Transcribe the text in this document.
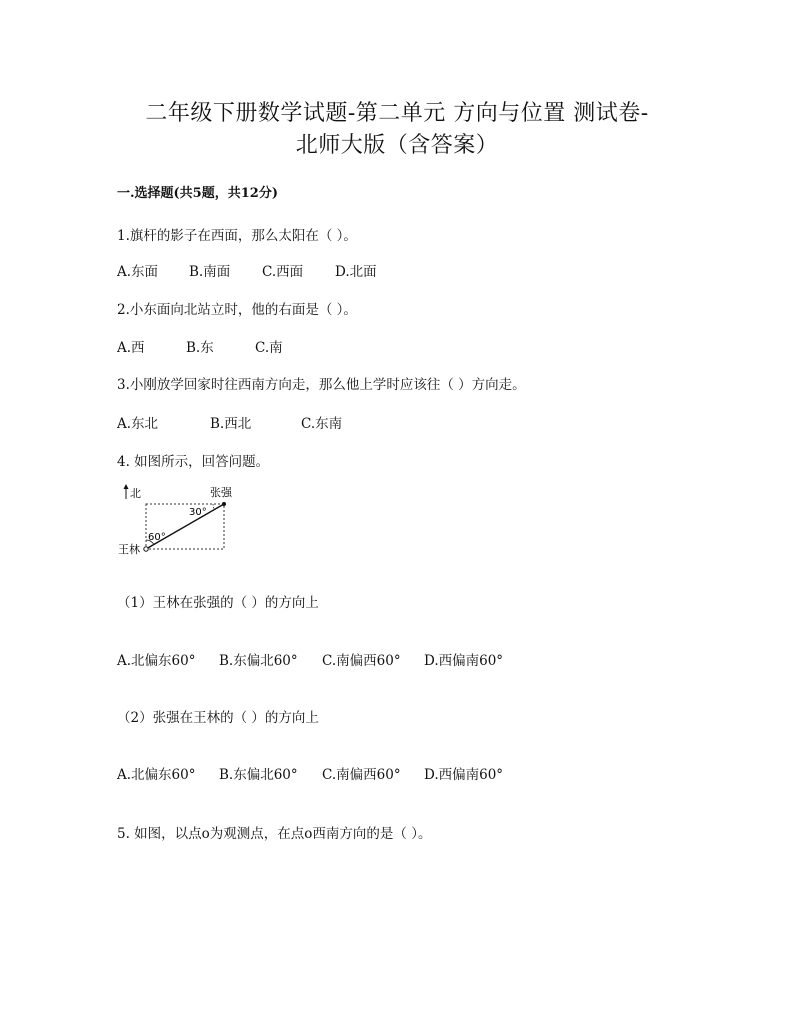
二年级下册数学试题-第二单元 方向与位置 测试卷-
北师大版（含答案）
一.选择题(共5题，共12分)
1.旗杆的影子在西面，那么太阳在（ ）。
A.东面 B.南面 C.西面 D.北面
2.小东面向北站立时，他的右面是（ ）。
A.西	B.东	C.南
3.小刚放学回家时往西南方向走，那么他上学时应该往（ ）方向走。
A.东北	B.西北	C.东南
4. 如图所示，回答问题。
北	张强
王林
30°
60°
（1）王林在张强的（ ）的方向上
A.北偏东60° B.东偏北60° C.南偏西60° D.西偏南60°
（2）张强在王林的（ ）的方向上
A.北偏东60° B.东偏北60° C.南偏西60° D.西偏南60°
5. 如图，以点o为观测点，在点o西南方向的是（ ）。
